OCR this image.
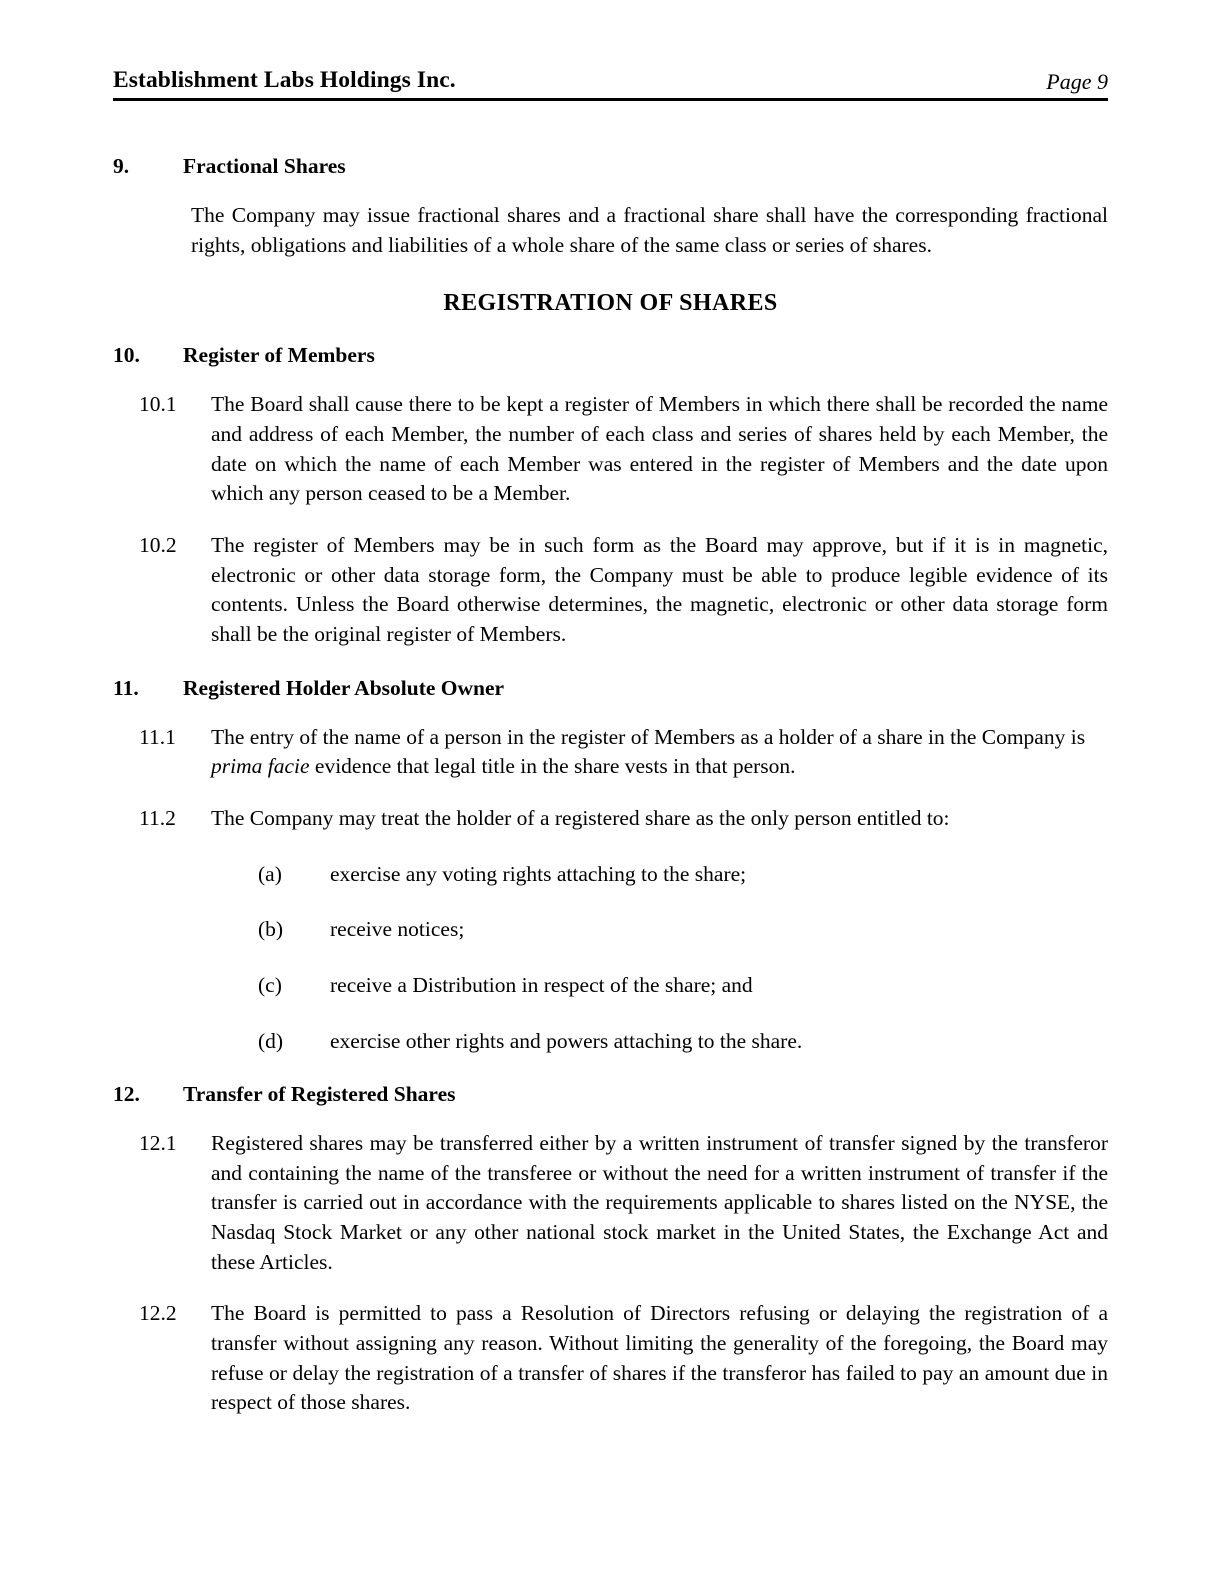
Establishment Labs Holdings Inc.	Page 9
9.	Fractional Shares
The Company may issue fractional shares and a fractional share shall have the corresponding fractional rights, obligations and liabilities of a whole share of the same class or series of shares.
REGISTRATION OF SHARES
10.	Register of Members
10.1	The Board shall cause there to be kept a register of Members in which there shall be recorded the name and address of each Member, the number of each class and series of shares held by each Member, the date on which the name of each Member was entered in the register of Members and the date upon which any person ceased to be a Member.
10.2	The register of Members may be in such form as the Board may approve, but if it is in magnetic, electronic or other data storage form, the Company must be able to produce legible evidence of its contents. Unless the Board otherwise determines, the magnetic, electronic or other data storage form shall be the original register of Members.
11.	Registered Holder Absolute Owner
11.1	The entry of the name of a person in the register of Members as a holder of a share in the Company is prima facie evidence that legal title in the share vests in that person.
11.2	The Company may treat the holder of a registered share as the only person entitled to:
(a)	exercise any voting rights attaching to the share;
(b)	receive notices;
(c)	receive a Distribution in respect of the share; and
(d)	exercise other rights and powers attaching to the share.
12.	Transfer of Registered Shares
12.1	Registered shares may be transferred either by a written instrument of transfer signed by the transferor and containing the name of the transferee or without the need for a written instrument of transfer if the transfer is carried out in accordance with the requirements applicable to shares listed on the NYSE, the Nasdaq Stock Market or any other national stock market in the United States, the Exchange Act and these Articles.
12.2	The Board is permitted to pass a Resolution of Directors refusing or delaying the registration of a transfer without assigning any reason. Without limiting the generality of the foregoing, the Board may refuse or delay the registration of a transfer of shares if the transferor has failed to pay an amount due in respect of those shares.
